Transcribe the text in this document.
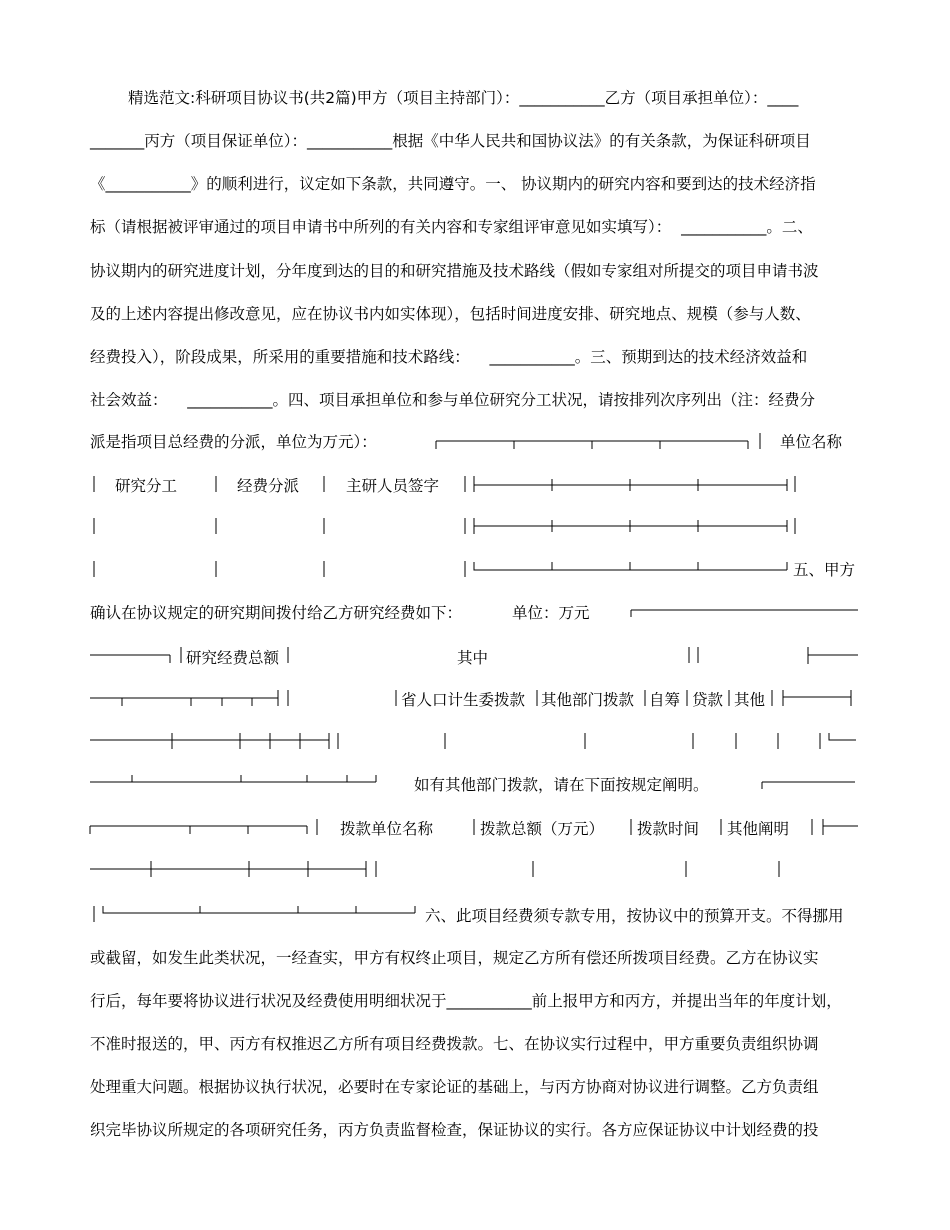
精选范文:科研项目协议书(共2篇)甲方（项目主持部门）：___________乙方（项目承担单位）：____
_______丙方（项目保证单位）：___________根据《中华人民共和国协议法》的有关条款，为保证科研项目
《___________》的顺利进行，议定如下条款，共同遵守。一、 协议期内的研究内容和要到达的技术经济指
标（请根据被评审通过的项目申请书中所列的有关内容和专家组评审意见如实填写）：  ___________。二、
协议期内的研究进度计划，分年度到达的目的和研究措施及技术路线（假如专家组对所提交的项目申请书波
及的上述内容提出修改意见，应在协议书内如实体现），包括时间进度安排、研究地点、规模（参与人数、
经费投入），阶段成果，所采用的重要措施和技术路线：    ___________。三、预期到达的技术经济效益和
社会效益：    ___________。四、项目承担单位和参与单位研究分工状况，请按排列次序列出（注：经费分
派是指项目总经费的分派，单位为万元）：	单位名称
研究分工	经费分派	主研人员签字
五、甲方
确认在协议规定的研究期间拨付给乙方研究经费如下：	单位：万元
研究经费总额	其中
省人口计生委拨款 其他部门拨款 自筹 贷款 其他
如有其他部门拨款，请在下面按规定阐明。
拨款单位名称	拨款总额（万元） 拨款时间 其他阐明
六、此项目经费须专款专用，按协议中的预算开支。不得挪用
或截留，如发生此类状况，一经查实，甲方有权终止项目，规定乙方所有偿还所拨项目经费。乙方在协议实
行后，每年要将协议进行状况及经费使用明细状况于___________前上报甲方和丙方，并提出当年的年度计划，
不准时报送的，甲、丙方有权推迟乙方所有项目经费拨款。七、在协议实行过程中，甲方重要负责组织协调
处理重大问题。根据协议执行状况，必要时在专家论证的基础上，与丙方协商对协议进行调整。乙方负责组
织完毕协议所规定的各项研究任务，丙方负责监督检查，保证协议的实行。各方应保证协议中计划经费的投
